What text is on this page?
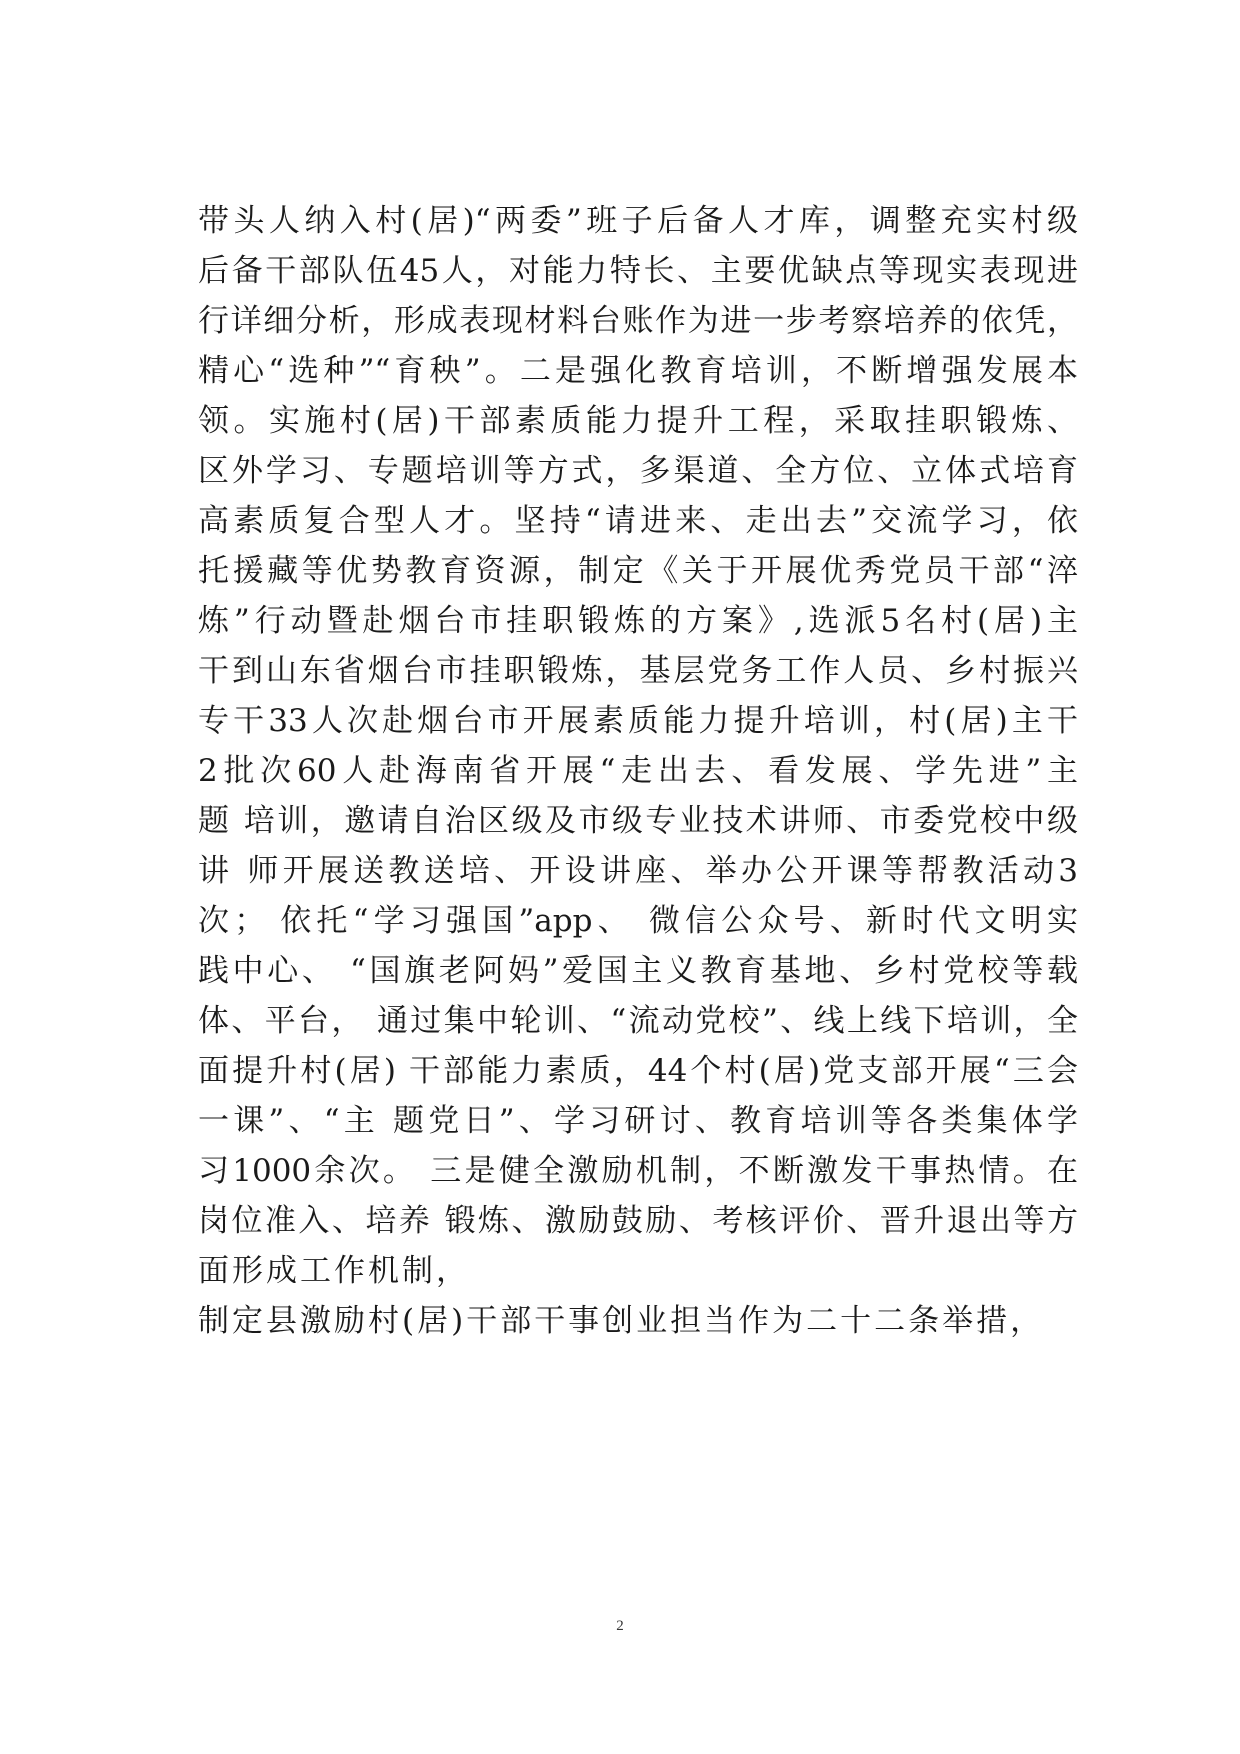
带头人纳入村(居)“两委”班子后备人才库，调整充实村级
后备干部队伍45人，对能力特长、主要优缺点等现实表现进
行详细分析，形成表现材料台账作为进一步考察培养的依凭，
精心“选种”“育秧”。二是强化教育培训，不断增强发展本
领。实施村(居)干部素质能力提升工程，采取挂职锻炼、
区外学习、专题培训等方式，多渠道、全方位、立体式培育
高素质复合型人才。坚持“请进来、走出去”交流学习，依
托援藏等优势教育资源，制定《关于开展优秀党员干部“淬
炼”行动暨赴烟台市挂职锻炼的方案》,选派5名村(居)主
干到山东省烟台市挂职锻炼，基层党务工作人员、乡村振兴
专干33人次赴烟台市开展素质能力提升培训，村(居)主干
2批次60人赴海南省开展“走出去、看发展、学先进”主
题 培训，邀请自治区级及市级专业技术讲师、市委党校中级
讲 师开展送教送培、开设讲座、举办公开课等帮教活动3
次； 依托“学习强国”app、 微信公众号、新时代文明实
践中心、 “国旗老阿妈”爱国主义教育基地、乡村党校等载
体、平台， 通过集中轮训、“流动党校”、线上线下培训，全
面提升村(居) 干部能力素质，44个村(居)党支部开展“三会
一课”、“主 题党日”、学习研讨、教育培训等各类集体学
习1000余次。 三是健全激励机制，不断激发干事热情。在
岗位准入、培养 锻炼、激励鼓励、考核评价、晋升退出等方
面形成工作机制，
制定县激励村(居)干部干事创业担当作为二十二条举措，
2
